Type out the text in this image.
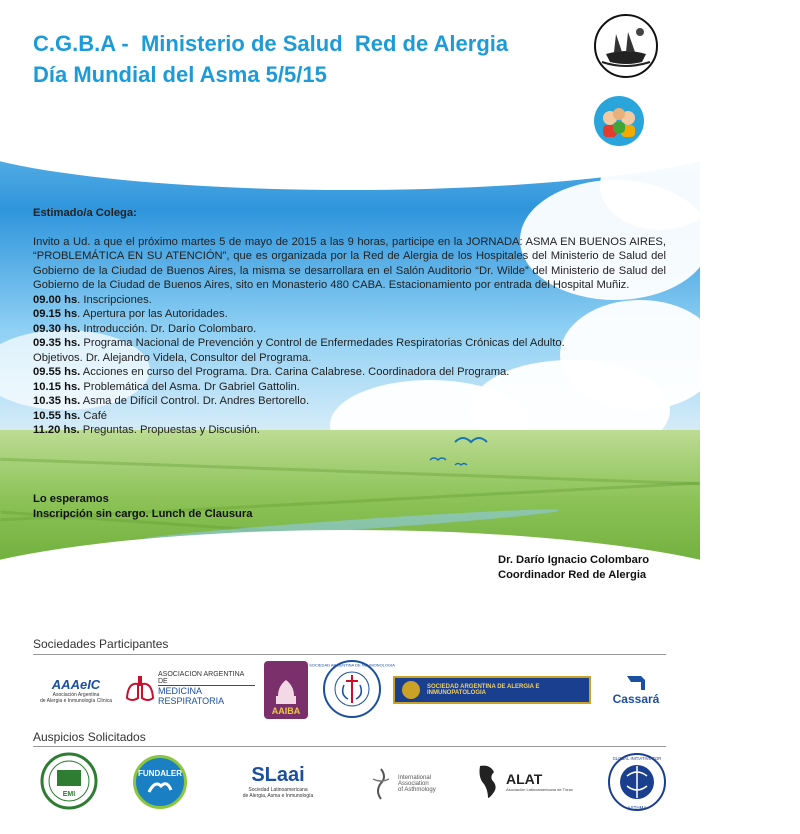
C.G.B.A -  Ministerio de Salud  Red de Alergia
Día Mundial del Asma 5/5/15

Estimado/a Colega:

Invito a Ud. a que el próximo martes 5 de mayo de 2015 a las 9 horas, participe en la JORNADA: ASMA EN BUENOS AIRES, “PROBLEMÁTICA EN SU ATENCIÓN”, que es organizada por la Red de Alergia de los Hospitales del Ministerio de Salud del Gobierno de la Ciudad de Buenos Aires, la misma se desarrollara en el Salón Auditorio “Dr. Wilde” del Ministerio de Salud del Gobierno de la Ciudad de Buenos Aires, sito en Monasterio 480 CABA. Estacionamiento por entrada del Hospital Muñiz.

09.00 hs. Inscripciones.

09.15 hs. Apertura por las Autoridades.

09.30 hs. Introducción. Dr. Darío Colombaro.

09.35 hs. Programa Nacional de Prevención y Control de Enfermedades Respiratorias Crónicas del Adulto.

Objetivos. Dr. Alejandro Videla, Consultor del Programa.

09.55 hs. Acciones en curso del Programa. Dra. Carina Calabrese. Coordinadora del Programa.

10.15 hs. Problemática del Asma. Dr Gabriel Gattolin.

10.35 hs. Asma de Difícil Control. Dr. Andres Bertorello.

10.55 hs. Café

11.20 hs. Preguntas. Propuestas y Discusión.

Lo esperamos
Inscripción sin cargo. Lunch de Clausura
Dr. Darío Ignacio Colombaro
Coordinador Red de Alergia
Sociedades Participantes
AAAeIC
Asociación Argentina
de Alergia e Inmunología Clínica
ASOCIACION ARGENTINA DE
MEDICINA RESPIRATORIA
AAIBA
SOCIEDAD ARGENTINA DE NEUMONOLOGIA
SOCIEDAD ARGENTINA DE ALERGIA E INMUNOPATOLOGIA	Cassará
Auspicios Solicitados
EMI
FUNDALER	SLaai
Sociedad Latinoamericana
de Alergia, Asma e Inmunología
International
Association
of Asthmology
ALAT
Asociación Latinoamericana de Tórax
GLOBAL INITIATIVE FOR
ASTHMA
